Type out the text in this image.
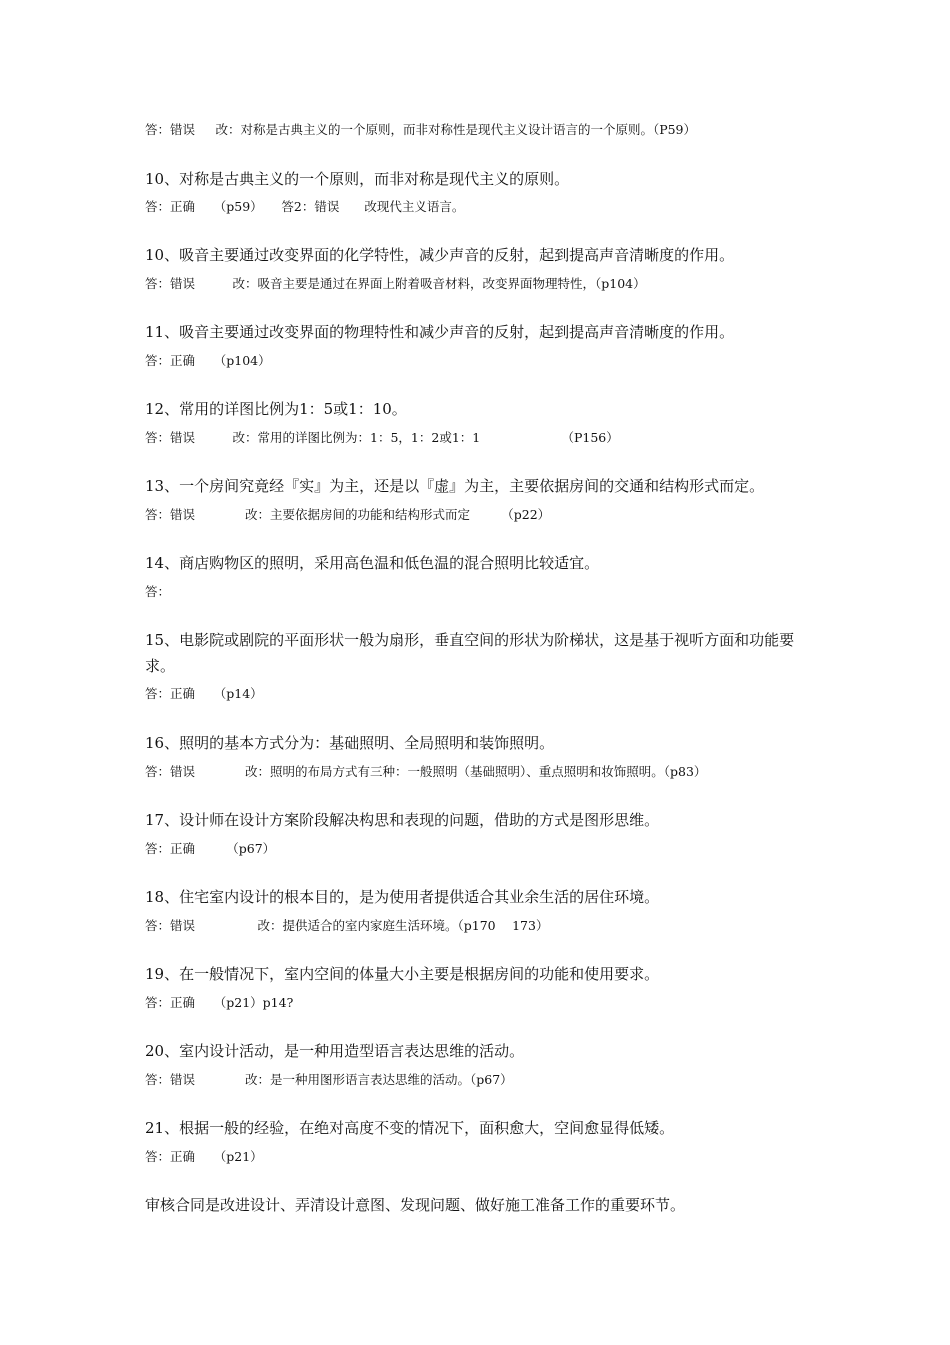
答：错误　  改：对称是古典主义的一个原则，而非对称性是现代主义设计语言的一个原则。（P59）
10、对称是古典主义的一个原则，而非对称是现代主义的原则。
答：正确　　（p59）　　答2：错误　　改现代主义语言。
10、吸音主要通过改变界面的化学特性，减少声音的反射，起到提高声音清晰度的作用。
答：错误　　　改：吸音主要是通过在界面上附着吸音材料，改变界面物理特性，（p104）
11、吸音主要通过改变界面的物理特性和减少声音的反射，起到提高声音清晰度的作用。
答：正确　　（p104）
12、常用的详图比例为1：5或1：10。
答：错误　　　改：常用的详图比例为：1：5，1：2或1：1　　　　　　　（P156）
13、一个房间究竟经『实』为主，还是以『虚』为主，主要依据房间的交通和结构形式而定。
答：错误　　　　改：主要依据房间的功能和结构形式而定　　　（p22）
14、商店购物区的照明，采用高色温和低色温的混合照明比较适宜。
答：
15、电影院或剧院的平面形状一般为扇形，垂直空间的形状为阶梯状，这是基于视听方面和功能要求。
答：正确　　（p14）
16、照明的基本方式分为：基础照明、全局照明和装饰照明。
答：错误　　　　改：照明的布局方式有三种：一般照明（基础照明）、重点照明和妆饰照明。（p83）
17、设计师在设计方案阶段解决构思和表现的问题，借助的方式是图形思维。
答：正确　　　（p67）
18、住宅室内设计的根本目的，是为使用者提供适合其业余生活的居住环境。
答：错误　　　　　改：提供适合的室内家庭生活环境。（p170　 173）
19、在一般情况下，室内空间的体量大小主要是根据房间的功能和使用要求。
答：正确　　（p21）p14?
20、室内设计活动，是一种用造型语言表达思维的活动。
答：错误　　　　改：是一种用图形语言表达思维的活动。（p67）
21、根据一般的经验，在绝对高度不变的情况下，面积愈大，空间愈显得低矮。
答：正确　　（p21）
审核合同是改进设计、弄清设计意图、发现问题、做好施工准备工作的重要环节。
